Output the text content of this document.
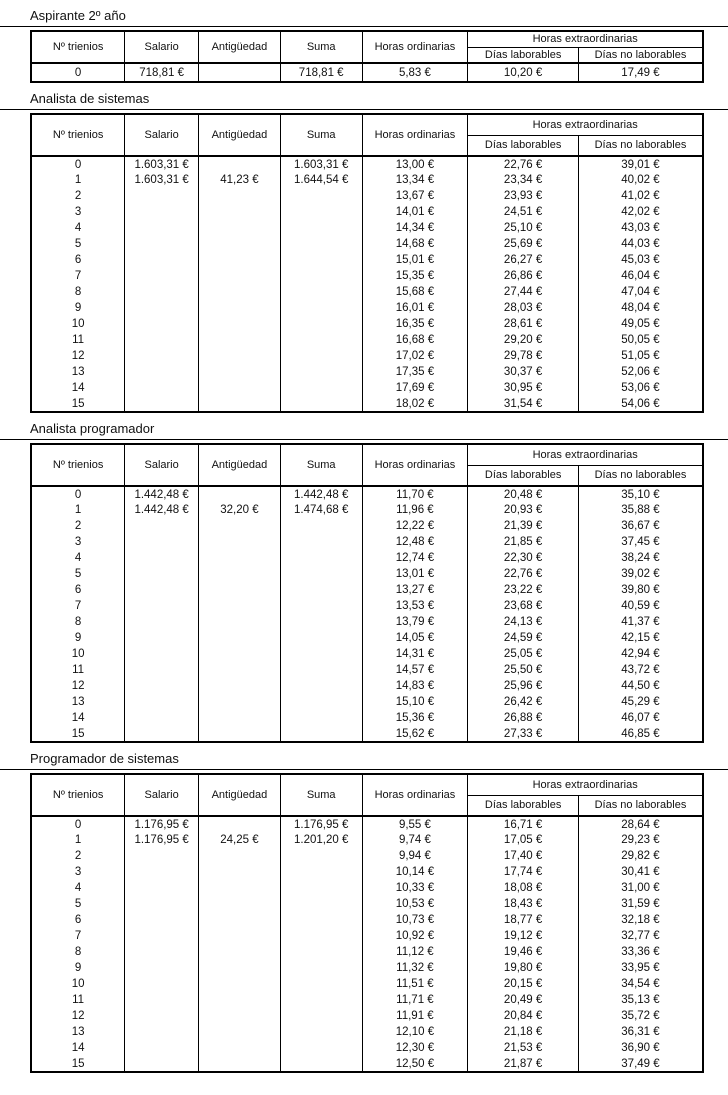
Aspirante 2º año
Nº trienios	Salario	Antigüedad	Suma	Horas ordinarias	Horas extraordinarias	
					Días laborables	Días no laborables
0	718,81 €		718,81 €	5,83 €	10,20 €	17,49 €
Analista de sistemas
Nº trienios	Salario	Antigüedad	Suma	Horas ordinarias	Horas extraordinarias	
					Días laborables	Días no laborables
0	1.603,31 €		1.603,31 €	13,00 €	22,76 €	39,01 €
1	1.603,31 €	41,23 €	1.644,54 €	13,34 €	23,34 €	40,02 €
2				13,67 €	23,93 €	41,02 €
3				14,01 €	24,51 €	42,02 €
4				14,34 €	25,10 €	43,03 €
5				14,68 €	25,69 €	44,03 €
6				15,01 €	26,27 €	45,03 €
7				15,35 €	26,86 €	46,04 €
8				15,68 €	27,44 €	47,04 €
9				16,01 €	28,03 €	48,04 €
10				16,35 €	28,61 €	49,05 €
11				16,68 €	29,20 €	50,05 €
12				17,02 €	29,78 €	51,05 €
13				17,35 €	30,37 €	52,06 €
14				17,69 €	30,95 €	53,06 €
15				18,02 €	31,54 €	54,06 €
Analista programador
Nº trienios	Salario	Antigüedad	Suma	Horas ordinarias	Horas extraordinarias	
					Días laborables	Días no laborables
0	1.442,48 €		1.442,48 €	11,70 €	20,48 €	35,10 €
1	1.442,48 €	32,20 €	1.474,68 €	11,96 €	20,93 €	35,88 €
2				12,22 €	21,39 €	36,67 €
3				12,48 €	21,85 €	37,45 €
4				12,74 €	22,30 €	38,24 €
5				13,01 €	22,76 €	39,02 €
6				13,27 €	23,22 €	39,80 €
7				13,53 €	23,68 €	40,59 €
8				13,79 €	24,13 €	41,37 €
9				14,05 €	24,59 €	42,15 €
10				14,31 €	25,05 €	42,94 €
11				14,57 €	25,50 €	43,72 €
12				14,83 €	25,96 €	44,50 €
13				15,10 €	26,42 €	45,29 €
14				15,36 €	26,88 €	46,07 €
15				15,62 €	27,33 €	46,85 €
Programador de sistemas
Nº trienios	Salario	Antigüedad	Suma	Horas ordinarias	Horas extraordinarias	
					Días laborables	Días no laborables
0	1.176,95 €		1.176,95 €	9,55 €	16,71 €	28,64 €
1	1.176,95 €	24,25 €	1.201,20 €	9,74 €	17,05 €	29,23 €
2				9,94 €	17,40 €	29,82 €
3				10,14 €	17,74 €	30,41 €
4				10,33 €	18,08 €	31,00 €
5				10,53 €	18,43 €	31,59 €
6				10,73 €	18,77 €	32,18 €
7				10,92 €	19,12 €	32,77 €
8				11,12 €	19,46 €	33,36 €
9				11,32 €	19,80 €	33,95 €
10				11,51 €	20,15 €	34,54 €
11				11,71 €	20,49 €	35,13 €
12				11,91 €	20,84 €	35,72 €
13				12,10 €	21,18 €	36,31 €
14				12,30 €	21,53 €	36,90 €
15				12,50 €	21,87 €	37,49 €
